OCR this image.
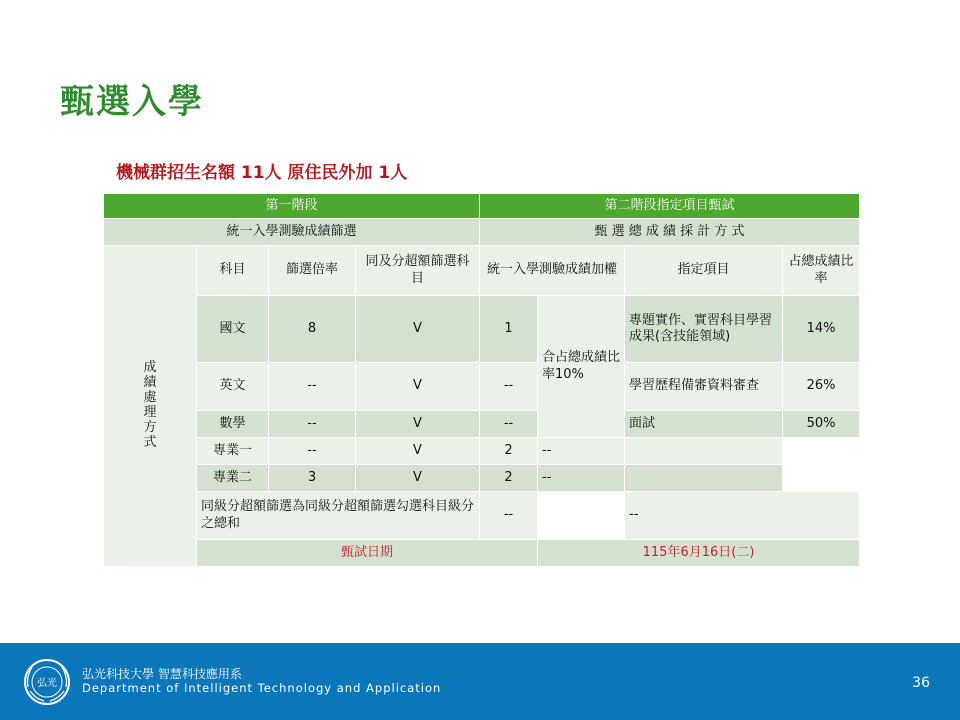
甄選入學
機械群招生名額 11人 原住民外加 1人
第一階段				第二階段指定項目甄試			
統一入學測驗成績篩選				甄 選 總 成 績 採 計 方 式			
成績處理方式	科目	篩選倍率	同及分超額篩選科目	統一入學測驗成績加權		指定項目	占總成績比率
	國文	8	V	1	合占總成績比率10%	專題實作、實習科目學習成果(含技能領域)	14%
	英文	--	V	--		學習歷程備審資料審查	26%
	數學	--	V	--		面試	50%
	專業一	--	V	2	--		
	專業二	3	V	2	--		
	同級分超額篩選為同級分超額篩選勾選科目級分之總和			--		--	
	甄試日期				115年6月16日(二)		
弘光
弘光科技大學 智慧科技應用系
Department of Intelligent Technology and Application	36
